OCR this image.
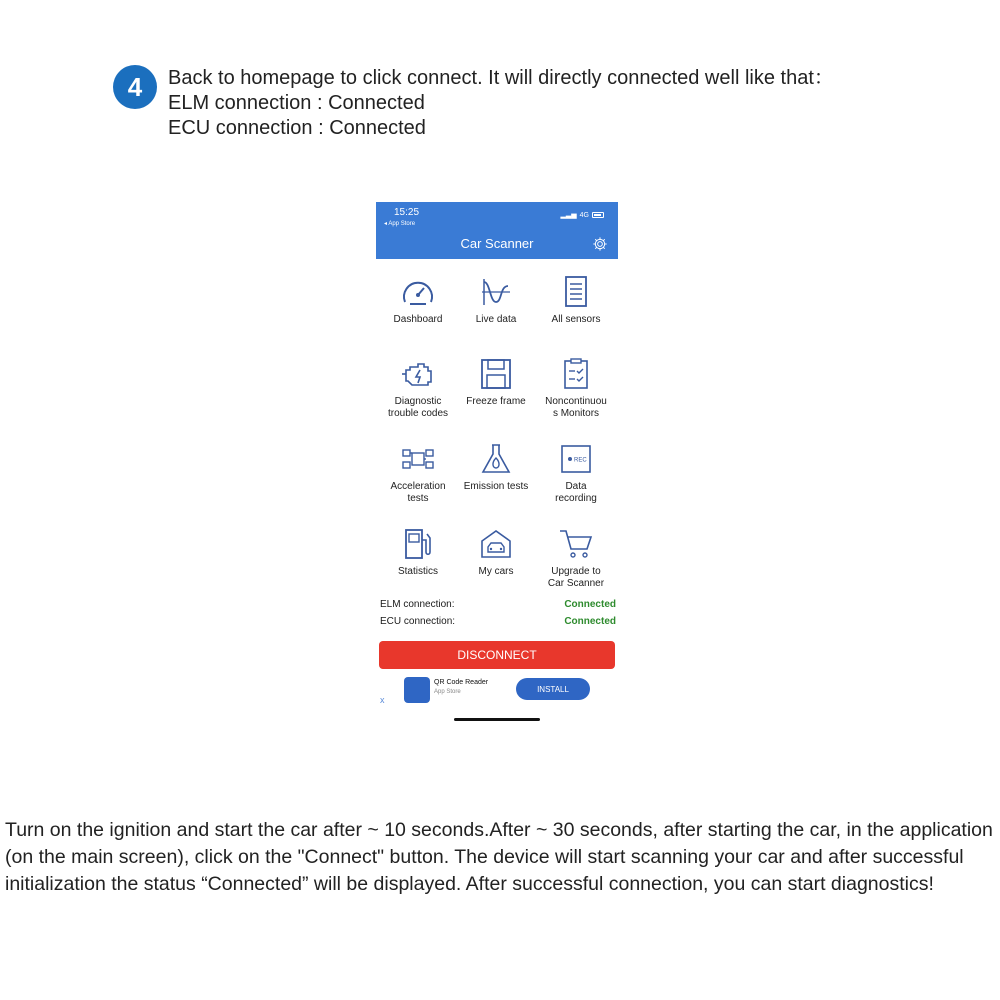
4	Back to homepage to click connect. It will directly connected well like that：
ELM connection : Connected
ECU connection : Connected
15:25
◂ App Store
▂▃▅ 4G
Car Scanner
Dashboard	Live data	All sensors
Diagnostic
trouble codes
Freeze frame	Noncontinuou
s Monitors
Acceleration
tests
Emission tests
REC
Data
recording
Statistics	My cars	Upgrade to
Car Scanner
ELM connection:	Connected
ECU connection:	Connected
DISCONNECT
x
QR Code Reader
App Store	INSTALL
Turn on the ignition and start the car after ~ 10 seconds.After ~ 30 seconds, after starting the car, in the application (on the main screen), click on the "Connect" button. The device will start scanning your car and after successful initialization the status “Connected” will be displayed. After successful connection, you can start diagnostics!
